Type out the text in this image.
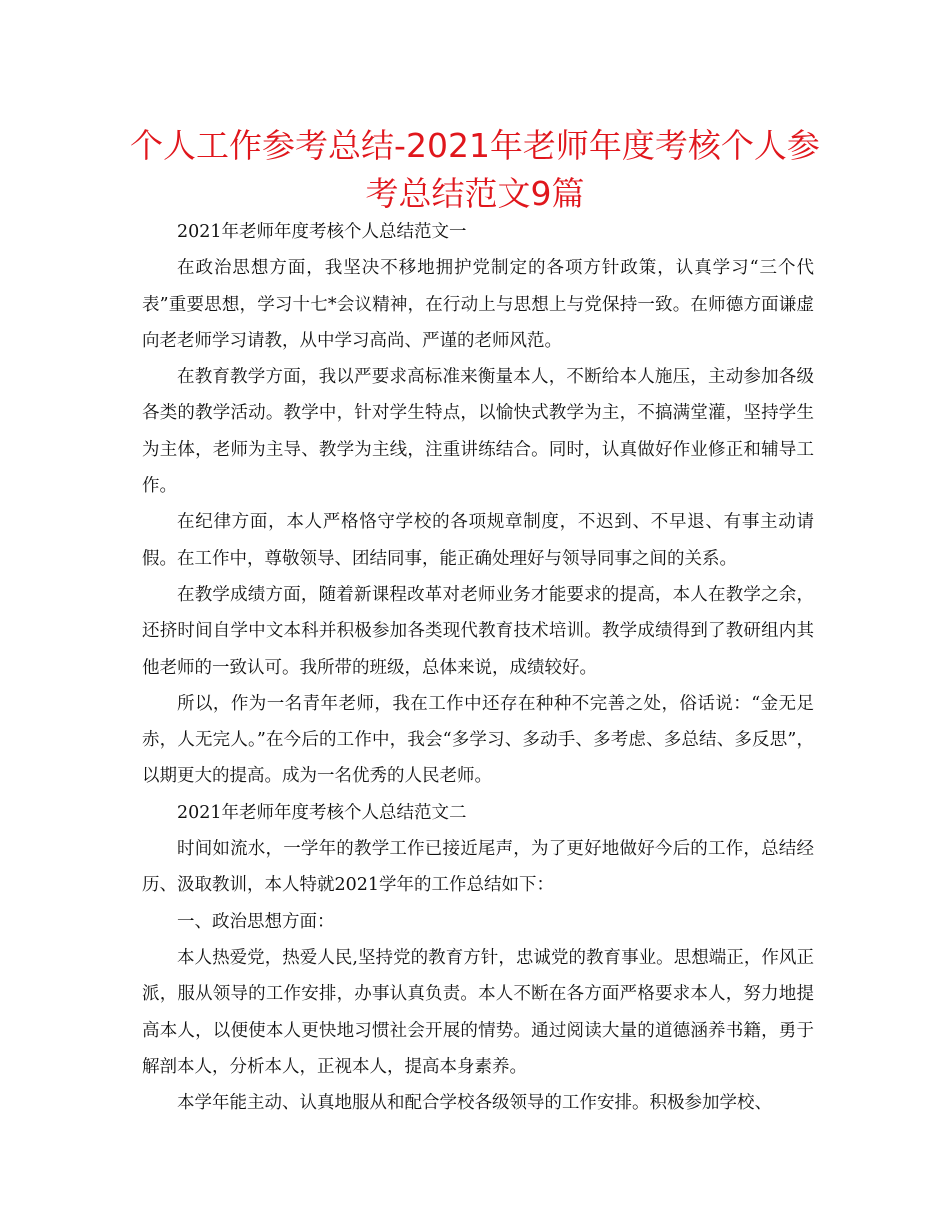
个人工作参考总结-2021年老师年度考核个人参考总结范文9篇

2021年老师年度考核个人总结范文一

在政治思想方面，我坚决不移地拥护党制定的各项方针政策，认真学习“三个代表”重要思想，学习十七*会议精神，在行动上与思想上与党保持一致。在师德方面谦虚向老老师学习请教，从中学习高尚、严谨的老师风范。

在教育教学方面，我以严要求高标准来衡量本人，不断给本人施压，主动参加各级各类的教学活动。教学中，针对学生特点，以愉快式教学为主，不搞满堂灌，坚持学生为主体，老师为主导、教学为主线，注重讲练结合。同时，认真做好作业修正和辅导工作。

在纪律方面，本人严格恪守学校的各项规章制度，不迟到、不早退、有事主动请假。在工作中，尊敬领导、团结同事，能正确处理好与领导同事之间的关系。

在教学成绩方面，随着新课程改革对老师业务才能要求的提高，本人在教学之余，还挤时间自学中文本科并积极参加各类现代教育技术培训。教学成绩得到了教研组内其他老师的一致认可。我所带的班级，总体来说，成绩较好。

所以，作为一名青年老师，我在工作中还存在种种不完善之处，俗话说：“金无足赤，人无完人。”在今后的工作中，我会“多学习、多动手、多考虑、多总结、多反思”，以期更大的提高。成为一名优秀的人民老师。

2021年老师年度考核个人总结范文二

时间如流水，一学年的教学工作已接近尾声，为了更好地做好今后的工作，总结经历、汲取教训，本人特就2021学年的工作总结如下：

一、政治思想方面：

本人热爱党，热爱人民,坚持党的教育方针，忠诚党的教育事业。思想端正，作风正派，服从领导的工作安排，办事认真负责。本人不断在各方面严格要求本人，努力地提高本人，以便使本人更快地习惯社会开展的情势。通过阅读大量的道德涵养书籍，勇于解剖本人，分析本人，正视本人，提高本身素养。

本学年能主动、认真地服从和配合学校各级领导的工作安排。积极参加学校、
